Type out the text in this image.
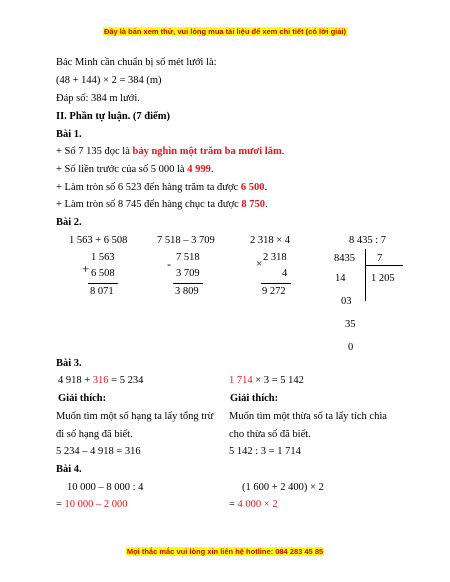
Đây là bản xem thử, vui lòng mua tài liệu để xem chi tiết (có lời giải)
Bác Minh cần chuẩn bị số mét lưới là:
(48 + 144) × 2 = 384 (m)
Đáp số: 384 m lưới.
II. Phần tự luận. (7 điểm)
Bài 1.
+ Số 7 135 đọc là bảy nghìn một trăm ba mươi lăm.
+ Số liền trước của số 5 000 là 4 999.
+ Làm tròn số 6 523 đến hàng trăm ta được 6 500.
+ Làm tròn số 8 745 đến hàng chục ta được 8 750.
Bài 2.
1 563 + 6 508	7 518 – 3 709	2 318 × 4	8 435 : 7
+
1 563
6 508
8 071
- 7 518
3 709
3 809
×
2 318
4
9 272
8435 7
1 205
14
03
35
0
Bài 3.
4 918 + 316 = 5 234
Giải thích:
Muốn tìm một số hạng ta lấy tổng trừ
đi số hạng đã biết.
5 234 – 4 918 = 316
1 714 × 3 = 5 142
Giải thích:
Muốn tìm một thừa số ta lấy tích chia
cho thừa số đã biết.
5 142 : 3 = 1 714
Bài 4.
10 000 – 8 000 : 4
= 10 000 – 2 000
(1 600 + 2 400) × 2
= 4 000 × 2
Mọi thắc mắc vui lòng xin liên hệ hotline: 084 283 45 85
